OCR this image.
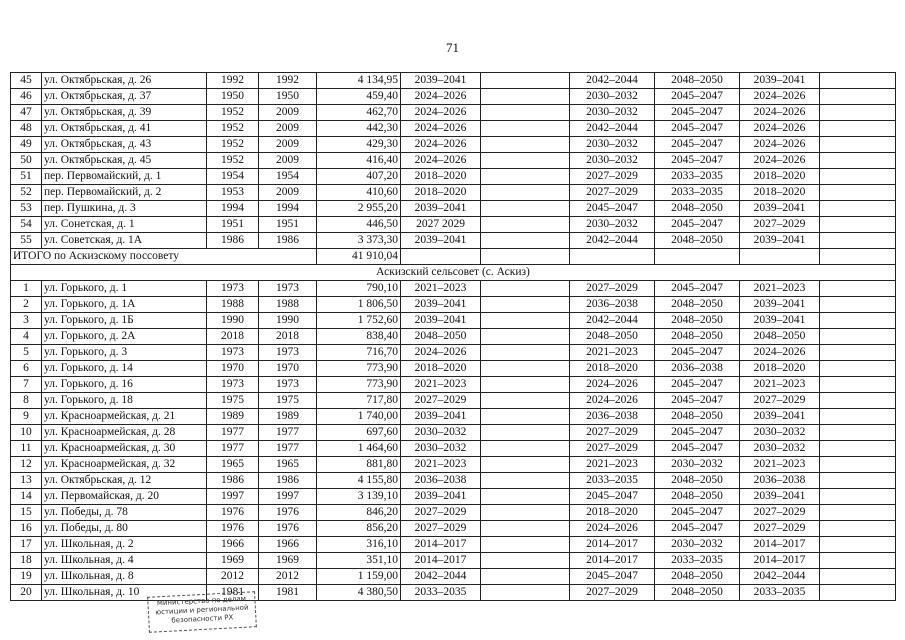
71
45	ул. Октябрьская, д. 26	1992	1992	4 134,95	2039–2041		2042–2044	2048–2050	2039–2041	
46	ул. Октябрьская, д. 37	1950	1950	459,40	2024–2026		2030–2032	2045–2047	2024–2026	
47	ул. Октябрьская, д. 39	1952	2009	462,70	2024–2026		2030–2032	2045–2047	2024–2026	
48	ул. Октябрьская, д. 41	1952	2009	442,30	2024–2026		2042–2044	2045–2047	2024–2026	
49	ул. Октябрьская, д. 43	1952	2009	429,30	2024–2026		2030–2032	2045–2047	2024–2026	
50	ул. Октябрьская, д. 45	1952	2009	416,40	2024–2026		2030–2032	2045–2047	2024–2026	
51	пер. Первомайский, д. 1	1954	1954	407,20	2018–2020		2027–2029	2033–2035	2018–2020	
52	пер. Первомайский, д. 2	1953	2009	410,60	2018–2020		2027–2029	2033–2035	2018–2020	
53	пер. Пушкина, д. 3	1994	1994	2 955,20	2039–2041		2045–2047	2048–2050	2039–2041	
54	ул. Сонетская, д. 1	1951	1951	446,50	2027 2029		2030–2032	2045–2047	2027–2029	
55	ул. Советская, д. 1А	1986	1986	3 373,30	2039–2041		2042–2044	2048–2050	2039–2041	
ИТОГО по Аскизскому поссовету				41 910,04						
Аскизский сельсовет (с. Аскиз)										
1	ул. Горького, д. 1	1973	1973	790,10	2021–2023		2027–2029	2045–2047	2021–2023	
2	ул. Горького, д. 1А	1988	1988	1 806,50	2039–2041		2036–2038	2048–2050	2039–2041	
3	ул. Горького, д. 1Б	1990	1990	1 752,60	2039–2041		2042–2044	2048–2050	2039–2041	
4	ул. Горького, д. 2А	2018	2018	838,40	2048–2050		2048–2050	2048–2050	2048–2050	
5	ул. Горького, д. 3	1973	1973	716,70	2024–2026		2021–2023	2045–2047	2024–2026	
6	ул. Горького, д. 14	1970	1970	773,90	2018–2020		2018–2020	2036–2038	2018–2020	
7	ул. Горького, д. 16	1973	1973	773,90	2021–2023		2024–2026	2045–2047	2021–2023	
8	ул. Горького, д. 18	1975	1975	717,80	2027–2029		2024–2026	2045–2047	2027–2029	
9	ул. Красноармейская, д. 21	1989	1989	1 740,00	2039–2041		2036–2038	2048–2050	2039–2041	
10	ул. Красноармейская, д. 28	1977	1977	697,60	2030–2032		2027–2029	2045–2047	2030–2032	
11	ул. Красноармейская, д. 30	1977	1977	1 464,60	2030–2032		2027–2029	2045–2047	2030–2032	
12	ул. Красноармейская, д. 32	1965	1965	881,80	2021–2023		2021–2023	2030–2032	2021–2023	
13	ул. Октябрьская, д. 12	1986	1986	4 155,80	2036–2038		2033–2035	2048–2050	2036–2038	
14	ул. Первомайская, д. 20	1997	1997	3 139,10	2039–2041		2045–2047	2048–2050	2039–2041	
15	ул. Победы, д. 78	1976	1976	846,20	2027–2029		2018–2020	2045–2047	2027–2029	
16	ул. Победы, д. 80	1976	1976	856,20	2027–2029		2024–2026	2045–2047	2027–2029	
17	ул. Школьная, д. 2	1966	1966	316,10	2014–2017		2014–2017	2030–2032	2014–2017	
18	ул. Школьная, д. 4	1969	1969	351,10	2014–2017		2014–2017	2033–2035	2014–2017	
19	ул. Школьная, д. 8	2012	2012	1 159,00	2042–2044		2045–2047	2048–2050	2042–2044	
20	ул. Школьная, д. 10	1981	1981	4 380,50	2033–2035		2027–2029	2048–2050	2033–2035	
Министерство по делам
юстиции и региональной
безопасности РХ
